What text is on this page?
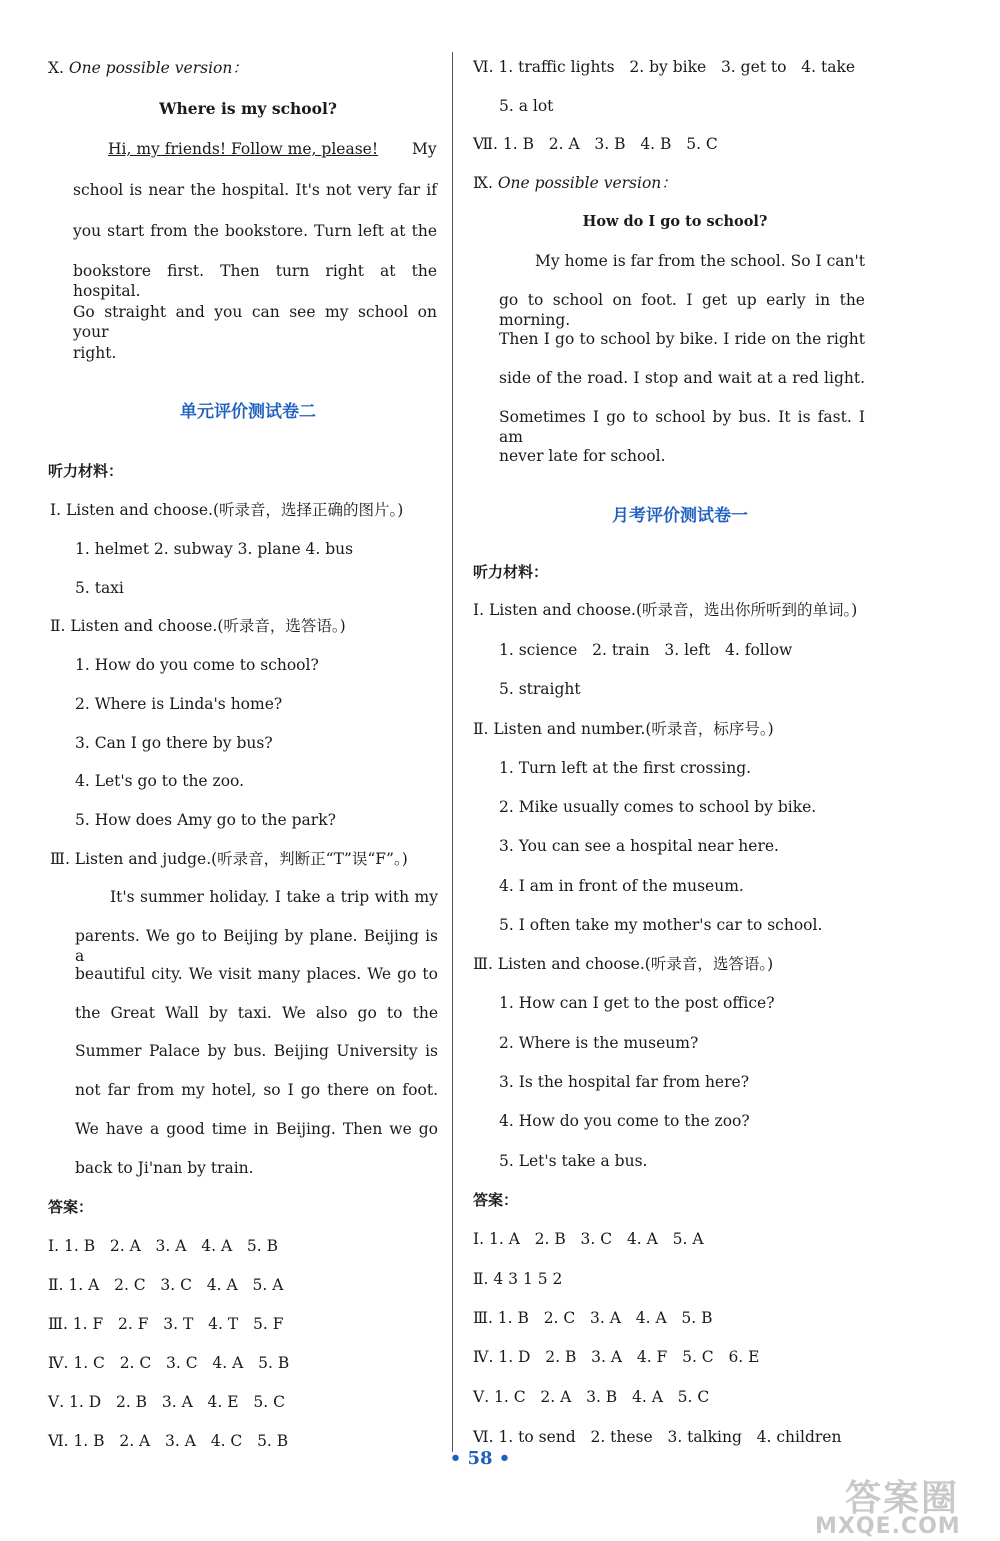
Ⅹ. One possible version：
Where is my school?
Hi, my friends! Follow me, please! My
school is near the hospital. It's not very far if
you start from the bookstore. Turn left at the
bookstore first. Then turn right at the hospital.
Go straight and you can see my school on your
right.
单元评价测试卷二
听力材料：
Ⅰ. Listen and choose.(听录音，选择正确的图片。)
1. helmet 2. subway 3. plane 4. bus
5. taxi
Ⅱ. Listen and choose.(听录音，选答语。)
1. How do you come to school?
2. Where is Linda's home?
3. Can I go there by bus?
4. Let's go to the zoo.
5. How does Amy go to the park?
Ⅲ. Listen and judge.(听录音，判断正“T”误“F”。)
It's summer holiday. I take a trip with my
parents. We go to Beijing by plane. Beijing is a
beautiful city. We visit many places. We go to
the Great Wall by taxi. We also go to the
Summer Palace by bus. Beijing University is
not far from my hotel, so I go there on foot.
We have a good time in Beijing. Then we go
back to Ji'nan by train.
答案：
Ⅰ. 1. B   2. A   3. A   4. A   5. B
Ⅱ. 1. A   2. C   3. C   4. A   5. A
Ⅲ. 1. F   2. F   3. T   4. T   5. F
Ⅳ. 1. C   2. C   3. C   4. A   5. B
Ⅴ. 1. D   2. B   3. A   4. E   5. C
Ⅵ. 1. B   2. A   3. A   4. C   5. B
Ⅵ. 1. traffic lights   2. by bike   3. get to   4. take
5. a lot
Ⅶ. 1. B   2. A   3. B   4. B   5. C
Ⅸ. One possible version：
How do I go to school?
My home is far from the school. So I can't
go to school on foot. I get up early in the morning.
Then I go to school by bike. I ride on the right
side of the road. I stop and wait at a red light.
Sometimes I go to school by bus. It is fast. I am
never late for school.
月考评价测试卷一
听力材料：
Ⅰ. Listen and choose.(听录音，选出你所听到的单词。)
1. science   2. train   3. left   4. follow
5. straight
Ⅱ. Listen and number.(听录音，标序号。)
1. Turn left at the first crossing.
2. Mike usually comes to school by bike.
3. You can see a hospital near here.
4. I am in front of the museum.
5. I often take my mother's car to school.
Ⅲ. Listen and choose.(听录音，选答语。)
1. How can I get to the post office?
2. Where is the museum?
3. Is the hospital far from here?
4. How do you come to the zoo?
5. Let's take a bus.
答案：
Ⅰ. 1. A   2. B   3. C   4. A   5. A
Ⅱ. 4 3 1 5 2
Ⅲ. 1. B   2. C   3. A   4. A   5. B
Ⅳ. 1. D   2. B   3. A   4. F   5. C   6. E
Ⅴ. 1. C   2. A   3. B   4. A   5. C
Ⅵ. 1. to send   2. these   3. talking   4. children
• 58 •
答案圈
MXQE.COM
